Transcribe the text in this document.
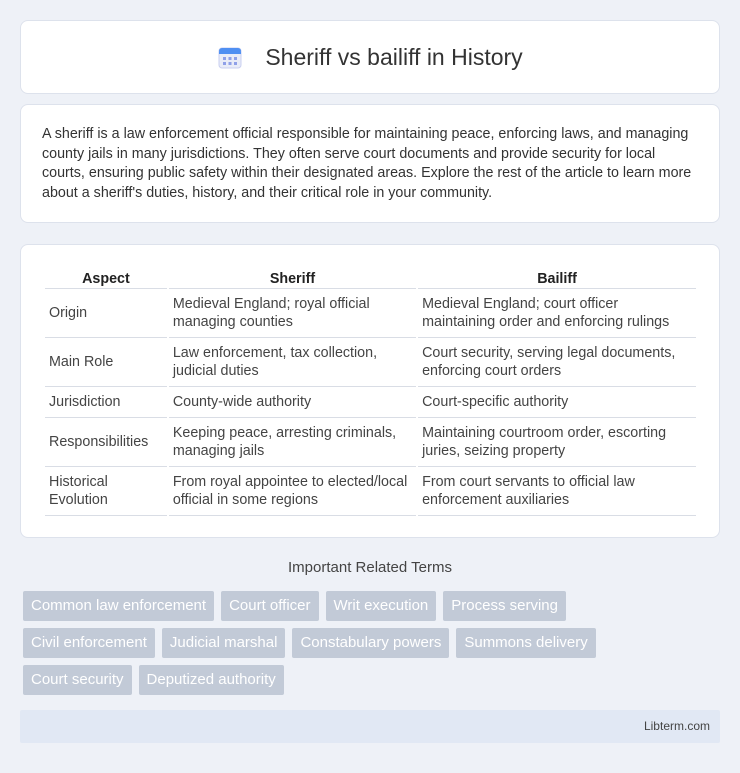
Sheriff vs bailiff in History

A sheriff is a law enforcement official responsible for maintaining peace, enforcing laws, and managing county jails in many jurisdictions. They often serve court documents and provide security for local courts, ensuring public safety within their designated areas. Explore the rest of the article to learn more about a sheriff's duties, history, and their critical role in your community.

Aspect	Sheriff	Bailiff
Origin	Medieval England; royal official managing counties	Medieval England; court officer maintaining order and enforcing rulings
Main Role	Law enforcement, tax collection, judicial duties	Court security, serving legal documents, enforcing court orders
Jurisdiction	County-wide authority	Court-specific authority
Responsibilities	Keeping peace, arresting criminals, managing jails	Maintaining courtroom order, escorting juries, seizing property
Historical Evolution	From royal appointee to elected/local official in some regions	From court servants to official law enforcement auxiliaries
Important Related Terms
Common law enforcement	Court officer	Writ execution	Process serving
Civil enforcement	Judicial marshal	Constabulary powers	Summons delivery
Court security	Deputized authority
Libterm.com
